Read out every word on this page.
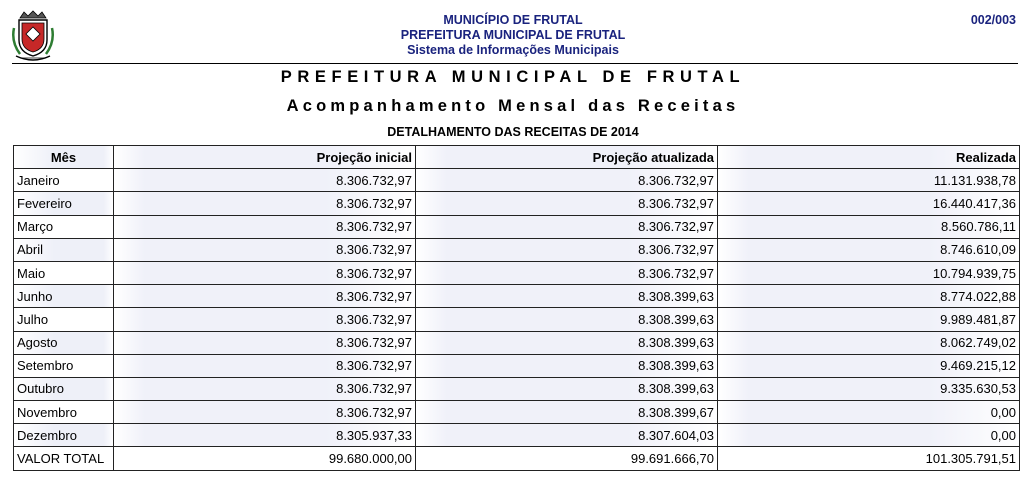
MUNICÍPIO DE FRUTAL
PREFEITURA MUNICIPAL DE FRUTAL
Sistema de Informações Municipais
002/003
PREFEITURA MUNICIPAL DE FRUTAL
Acompanhamento Mensal das Receitas
DETALHAMENTO DAS RECEITAS DE 2014
Mês	Projeção inicial	Projeção atualizada	Realizada
Janeiro	8.306.732,97	8.306.732,97	11.131.938,78
Fevereiro	8.306.732,97	8.306.732,97	16.440.417,36
Março	8.306.732,97	8.306.732,97	8.560.786,11
Abril	8.306.732,97	8.306.732,97	8.746.610,09
Maio	8.306.732,97	8.306.732,97	10.794.939,75
Junho	8.306.732,97	8.308.399,63	8.774.022,88
Julho	8.306.732,97	8.308.399,63	9.989.481,87
Agosto	8.306.732,97	8.308.399,63	8.062.749,02
Setembro	8.306.732,97	8.308.399,63	9.469.215,12
Outubro	8.306.732,97	8.308.399,63	9.335.630,53
Novembro	8.306.732,97	8.308.399,67	0,00
Dezembro	8.305.937,33	8.307.604,03	0,00
VALOR TOTAL	99.680.000,00	99.691.666,70	101.305.791,51
